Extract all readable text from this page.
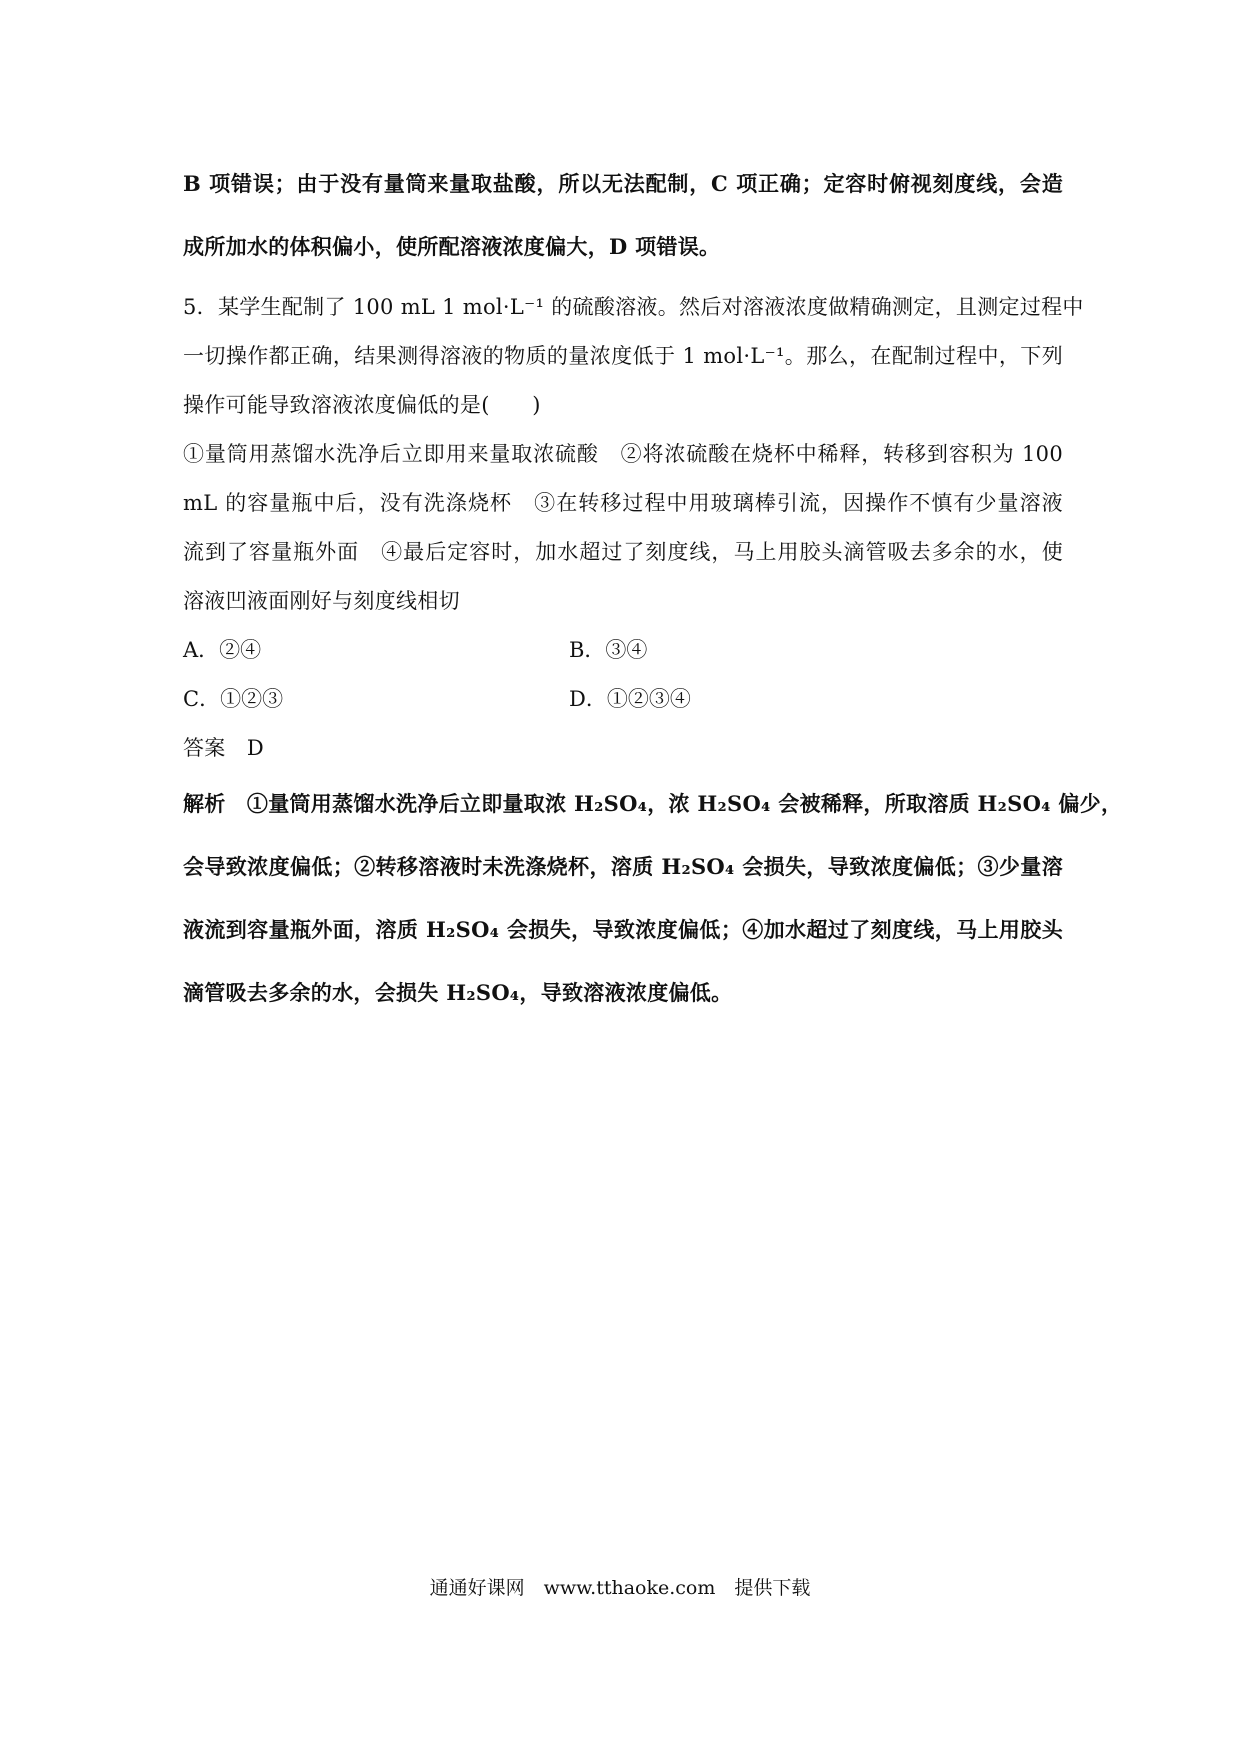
B 项错误；由于没有量筒来量取盐酸，所以无法配制，C 项正确；定容时俯视刻度线，会造
成所加水的体积偏小，使所配溶液浓度偏大，D 项错误。
5．某学生配制了 100 mL 1 mol·L⁻¹ 的硫酸溶液。然后对溶液浓度做精确测定，且测定过程中
一切操作都正确，结果测得溶液的物质的量浓度低于 1 mol·L⁻¹。那么，在配制过程中，下列
操作可能导致溶液浓度偏低的是(　　)
①量筒用蒸馏水洗净后立即用来量取浓硫酸　②将浓硫酸在烧杯中稀释，转移到容积为 100
mL 的容量瓶中后，没有洗涤烧杯　③在转移过程中用玻璃棒引流，因操作不慎有少量溶液
流到了容量瓶外面　④最后定容时，加水超过了刻度线，马上用胶头滴管吸去多余的水，使
溶液凹液面刚好与刻度线相切
A．②④	B．③④
C．①②③	D．①②③④
答案　D
解析　①量筒用蒸馏水洗净后立即量取浓 H₂SO₄，浓 H₂SO₄ 会被稀释，所取溶质 H₂SO₄ 偏少，
会导致浓度偏低；②转移溶液时未洗涤烧杯，溶质 H₂SO₄ 会损失，导致浓度偏低；③少量溶
液流到容量瓶外面，溶质 H₂SO₄ 会损失，导致浓度偏低；④加水超过了刻度线，马上用胶头
滴管吸去多余的水，会损失 H₂SO₄，导致溶液浓度偏低。
通通好课网　www.tthaoke.com　提供下载
